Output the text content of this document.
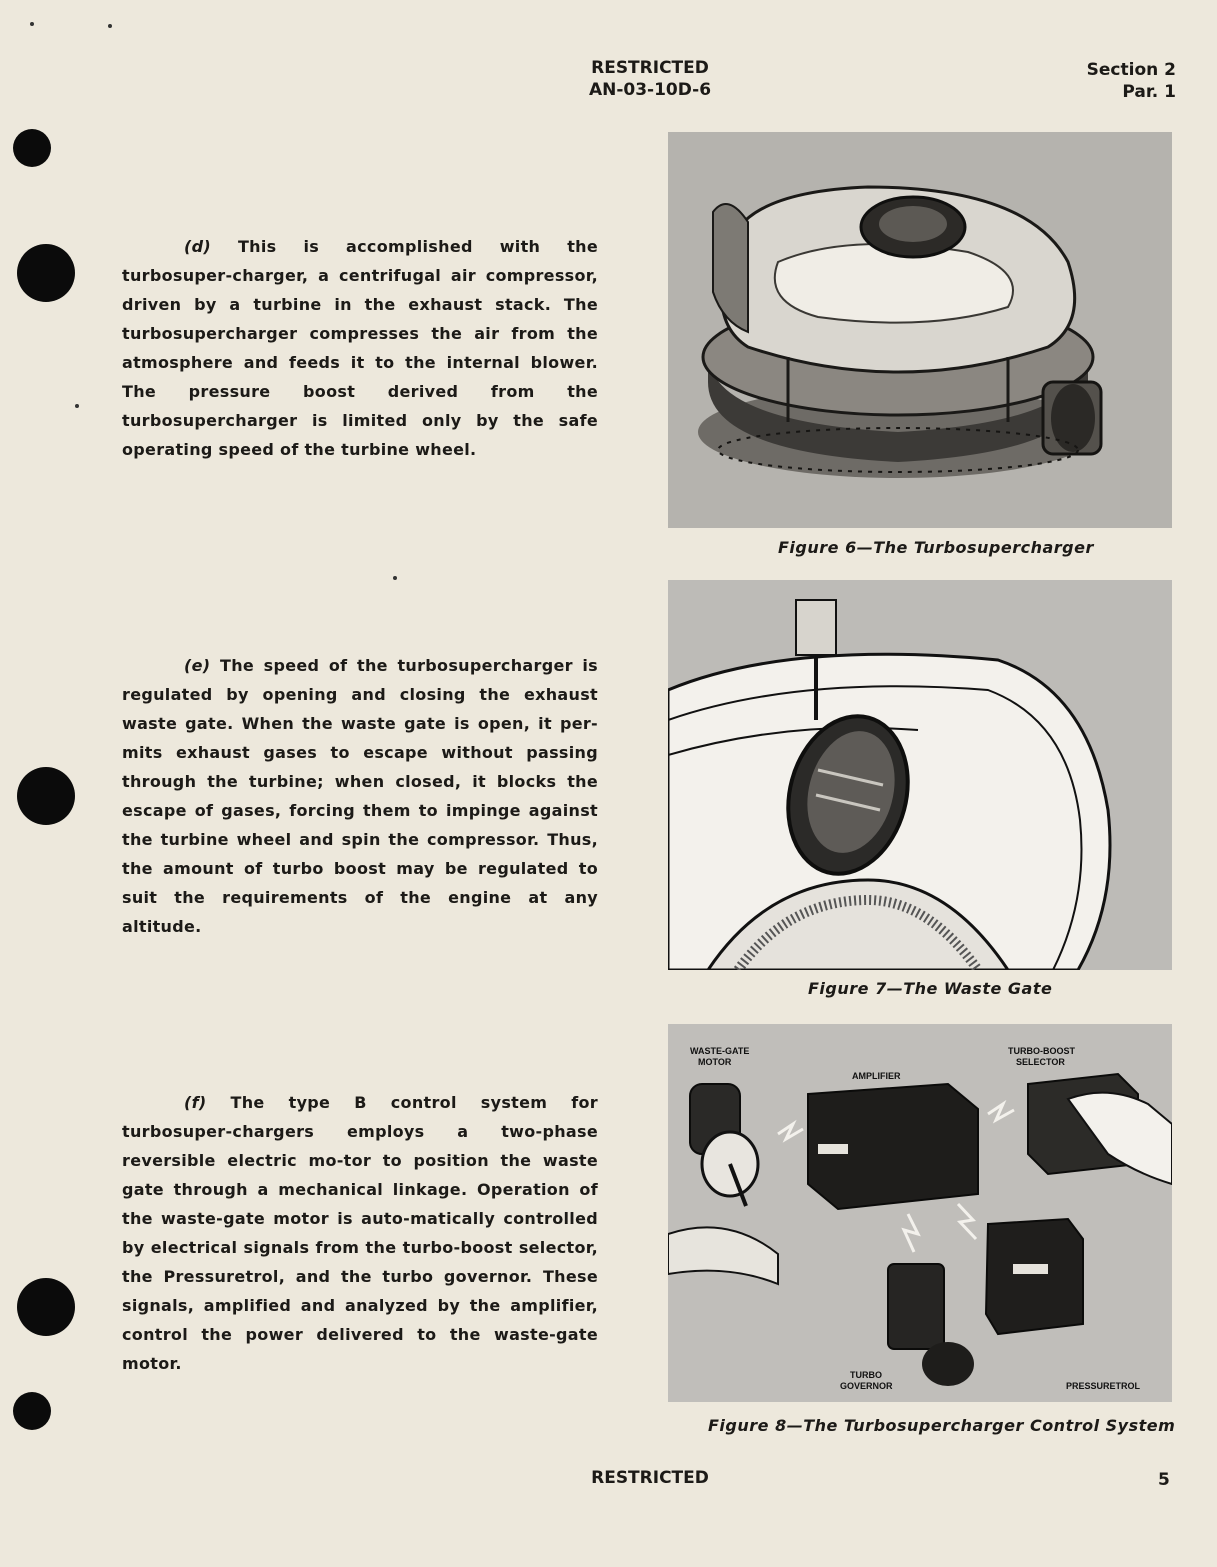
RESTRICTED
AN-03-10D-6
Section 2
Par. 1
(d) This is accomplished with the turbosuper-charger, a centrifugal air compressor, driven by a turbine in the exhaust stack. The turbosupercharger compresses the air from the atmosphere and feeds it to the internal blower. The pressure boost derived from the turbosupercharger is limited only by the safe operating speed of the turbine wheel.
(e) The speed of the turbosupercharger is regulated by opening and closing the exhaust waste gate. When the waste gate is open, it per-mits exhaust gases to escape without passing through the turbine; when closed, it blocks the escape of gases, forcing them to impinge against the turbine wheel and spin the compressor. Thus, the amount of turbo boost may be regulated to suit the requirements of the engine at any altitude.
(f) The type B control system for turbosuper-chargers employs a two-phase reversible electric mo-tor to position the waste gate through a mechanical linkage. Operation of the waste-gate motor is auto-matically controlled by electrical signals from the turbo-boost selector, the Pressuretrol, and the turbo governor. These signals, amplified and analyzed by the amplifier, control the power delivered to the waste-gate motor.
Figure 6—The Turbosupercharger
Figure 7—The Waste Gate
WASTE-GATE
MOTOR
AMPLIFIER
TURBO-BOOST
SELECTOR
TURBO
GOVERNOR	PRESSURETROL
Figure 8—The Turbosupercharger Control System
RESTRICTED	5
